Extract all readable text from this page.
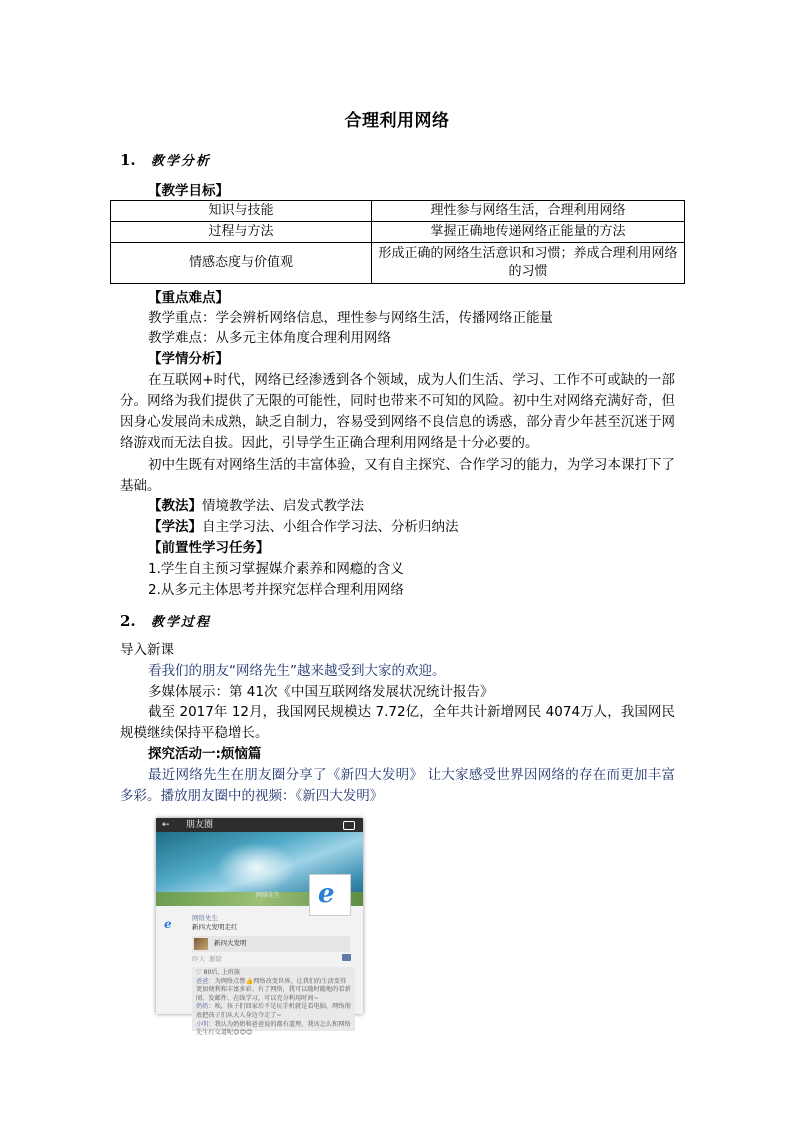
合理利用网络
1. 教学分析
【教学目标】
知识与技能	理性参与网络生活，合理利用网络
过程与方法	掌握正确地传递网络正能量的方法
情感态度与价值观	形成正确的网络生活意识和习惯；养成合理利用网络的习惯
【重点难点】
教学重点：学会辨析网络信息，理性参与网络生活，传播网络正能量
教学难点：从多元主体角度合理利用网络
【学情分析】
在互联网+时代，网络已经渗透到各个领域，成为人们生活、学习、工作不可或缺的一部分。网络为我们提供了无限的可能性，同时也带来不可知的风险。初中生对网络充满好奇，但因身心发展尚未成熟，缺乏自制力，容易受到网络不良信息的诱惑，部分青少年甚至沉迷于网络游戏而无法自拔。因此，引导学生正确合理利用网络是十分必要的。
初中生既有对网络生活的丰富体验，又有自主探究、合作学习的能力，为学习本课打下了基础。
【教法】情境教学法、启发式教学法
【学法】自主学习法、小组合作学习法、分析归纳法
【前置性学习任务】
1.学生自主预习掌握媒介素养和网瘾的含义
2.从多元主体思考并探究怎样合理利用网络
2. 教学过程
导入新课
看我们的朋友“网络先生”越来越受到大家的欢迎。
多媒体展示：第 41次《中国互联网络发展状况统计报告》
截至 2017年 12月，我国网民规模达 7.72亿，全年共计新增网民 4074万人，我国网民规模继续保持平稳增长。
探究活动一:烦恼篇
最近网络先生在朋友圈分享了《新四大发明》 让大家感受世界因网络的存在而更加丰富多彩。播放朋友圈中的视频：《新四大发明》
← 朋友圈
网络先生 e
e	网络先生
新四大发明走红
新四大发明
昨天 删除
♡ 80后, 上班族
爸爸：为网络点赞👍网络改变世界，让我们的生活变得更加便利和丰富多彩。有了网络，我可以随时随地的看新闻、发邮件、在线学习，可以充分利用时间~
奶奶：唉，孩子们回家后不是玩手机就是看电脑，网络彻底把孩子们从大人身边夺走了~
小明：我认为奶奶和爸爸说的都有道理，我该怎么和网络先生打交道呢😊😊😊
